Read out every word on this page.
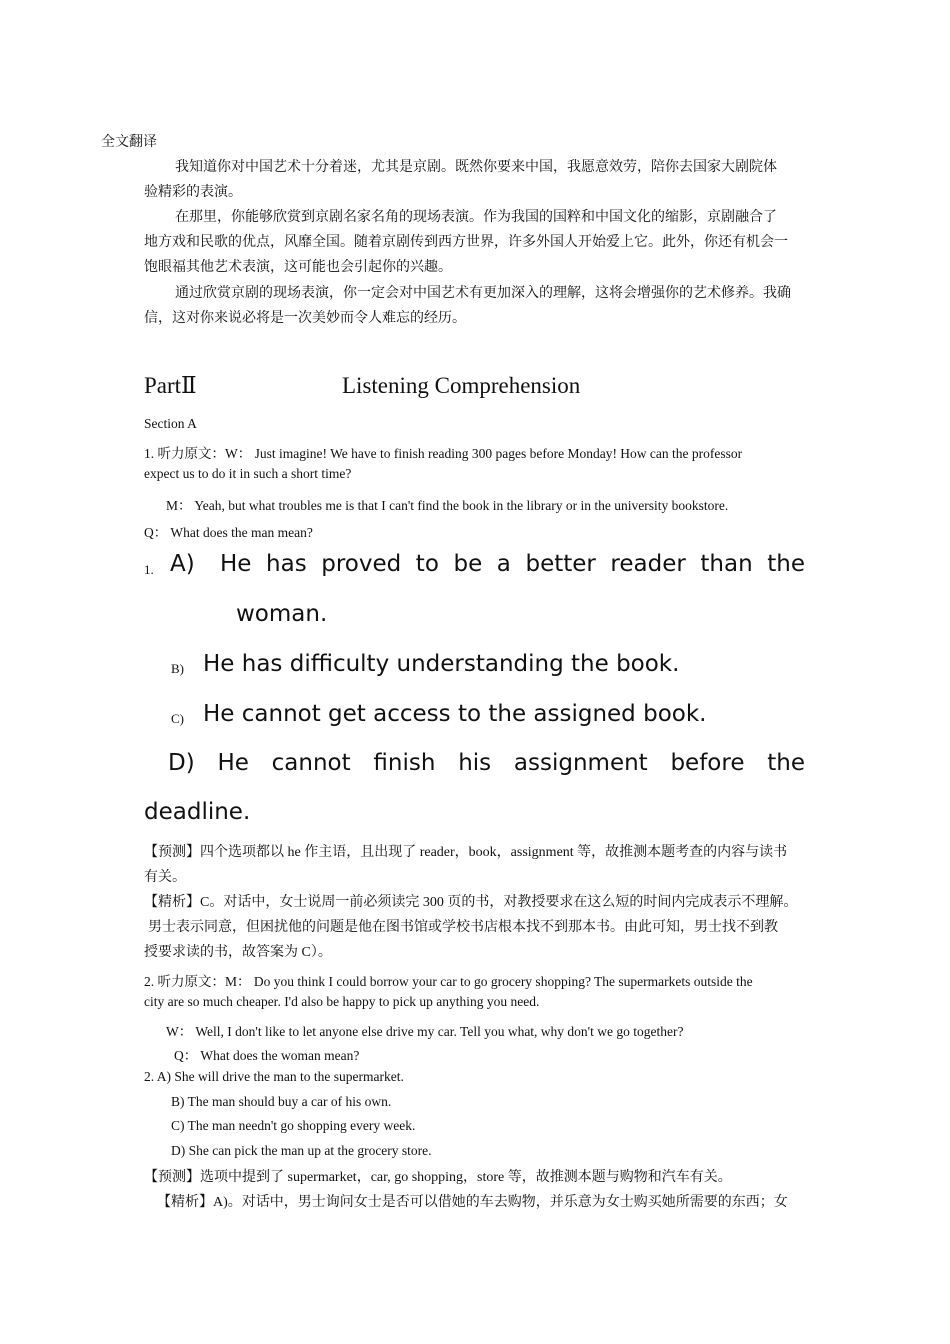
全文翻译
我知道你对中国艺术十分着迷，尤其是京剧。既然你要来中国，我愿意效劳，陪你去国家大剧院体
验精彩的表演。
在那里，你能够欣赏到京剧名家名角的现场表演。作为我国的国粹和中国文化的缩影，京剧融合了
地方戏和民歌的优点，风靡全国。随着京剧传到西方世界，许多外国人开始爱上它。此外，你还有机会一
饱眼福其他艺术表演，这可能也会引起你的兴趣。
通过欣赏京剧的现场表演，你一定会对中国艺术有更加深入的理解，这将会增强你的艺术修养。我确
信，这对你来说必将是一次美妙而令人难忘的经历。
PartⅡ	Listening Comprehension
Section A
1. 听力原文：W： Just imagine! We have to finish reading 300 pages before Monday! How can the professor
expect us to do it in such a short time?
M： Yeah, but what troubles me is that I can't find the book in the library or in the university bookstore.
Q： What does the man mean?
1. A) He has proved to be a better reader than the
woman.
B) He has difficulty understanding the book.
C) He cannot get access to the assigned book.
D) He cannot finish his assignment before the
deadline.
【预测】四个选项都以 he 作主语，且出现了 reader，book，assignment 等，故推测本题考查的内容与读书
有关。
【精析】C。对话中，女士说周一前必须读完 300 页的书，对教授要求在这么短的时间内完成表示不理解。
男士表示同意，但困扰他的问题是他在图书馆或学校书店根本找不到那本书。由此可知，男士找不到教
授要求读的书，故答案为 C）。
2. 听力原文：M： Do you think I could borrow your car to go grocery shopping? The supermarkets outside the
city are so much cheaper. I'd also be happy to pick up anything you need.
W： Well, I don't like to let anyone else drive my car. Tell you what, why don't we go together?
Q： What does the woman mean?
2. A) She will drive the man to the supermarket.
B) The man should buy a car of his own.
C) The man needn't go shopping every week.
D) She can pick the man up at the grocery store.
【预测】选项中提到了 supermarket，car, go shopping，store 等，故推测本题与购物和汽车有关。
【精析】A)。对话中，男士询问女士是否可以借她的车去购物，并乐意为女士购买她所需要的东西；女
